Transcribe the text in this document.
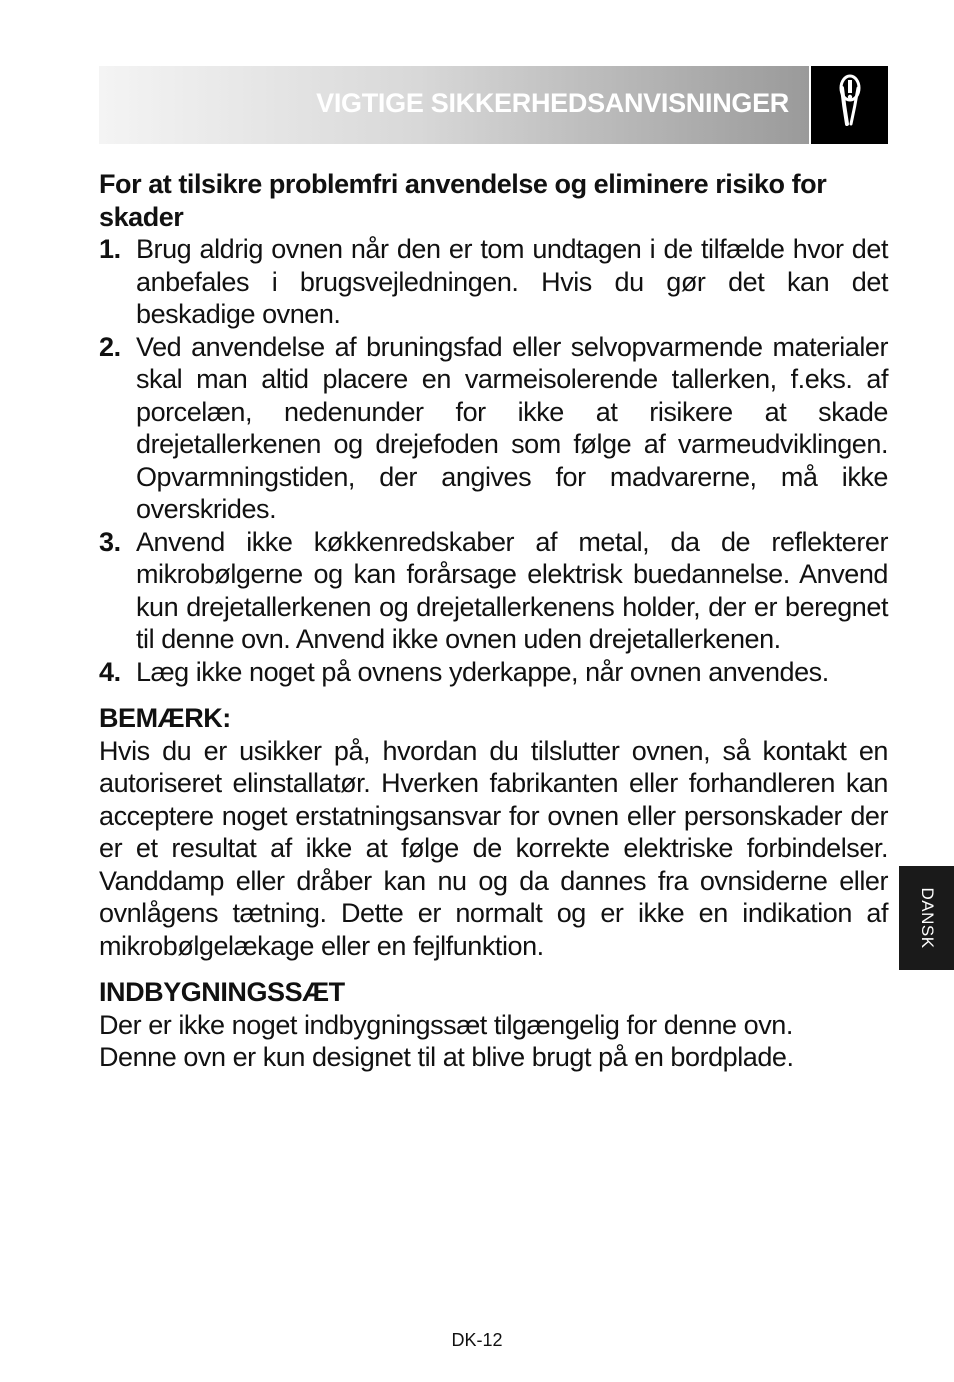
VIGTIGE SIKKERHEDSANVISNINGER

For at tilsikre problemfri anvendelse og eliminere risiko for skader

1. Brug aldrig ovnen når den er tom undtagen i de tilfælde hvor det anbefales i brugsvejledningen. Hvis du gør det kan det beskadige ovnen.
2. Ved anvendelse af bruningsfad eller selvopvarmende materialer skal man altid placere en varmeisolerende tallerken, f.eks. af porcelæn, nedenunder for ikke at risikere at skade drejetallerkenen og drejefoden som følge af varmeudviklingen. Opvarmningstiden, der angives for madvarerne, må ikke overskrides.
3. Anvend ikke køkkenredskaber af metal, da de reflekterer mikrobølgerne og kan forårsage elektrisk buedannelse. Anvend kun drejetallerkenen og drejetallerkenens holder, der er beregnet til denne ovn. Anvend ikke ovnen uden drejetallerkenen.
4. Læg ikke noget på ovnens yderkappe, når ovnen anvendes.
BEMÆRK:

Hvis du er usikker på, hvordan du tilslutter ovnen, så kontakt en autoriseret elinstallatør. Hverken fabrikanten eller forhandleren kan acceptere noget erstatningsansvar for ovnen eller personskader der er et resultat af ikke at følge de korrekte elektriske forbindelser. Vanddamp eller dråber kan nu og da dannes fra ovnsiderne eller ovnlågens tætning. Dette er normalt og er ikke en indikation af mikrobølgelækage eller en fejlfunktion.

INDBYGNINGSSÆT

Der er ikke noget indbygningssæt tilgængelig for denne ovn.

Denne ovn er kun designet til at blive brugt på en bordplade.

DANSK
DK-12
